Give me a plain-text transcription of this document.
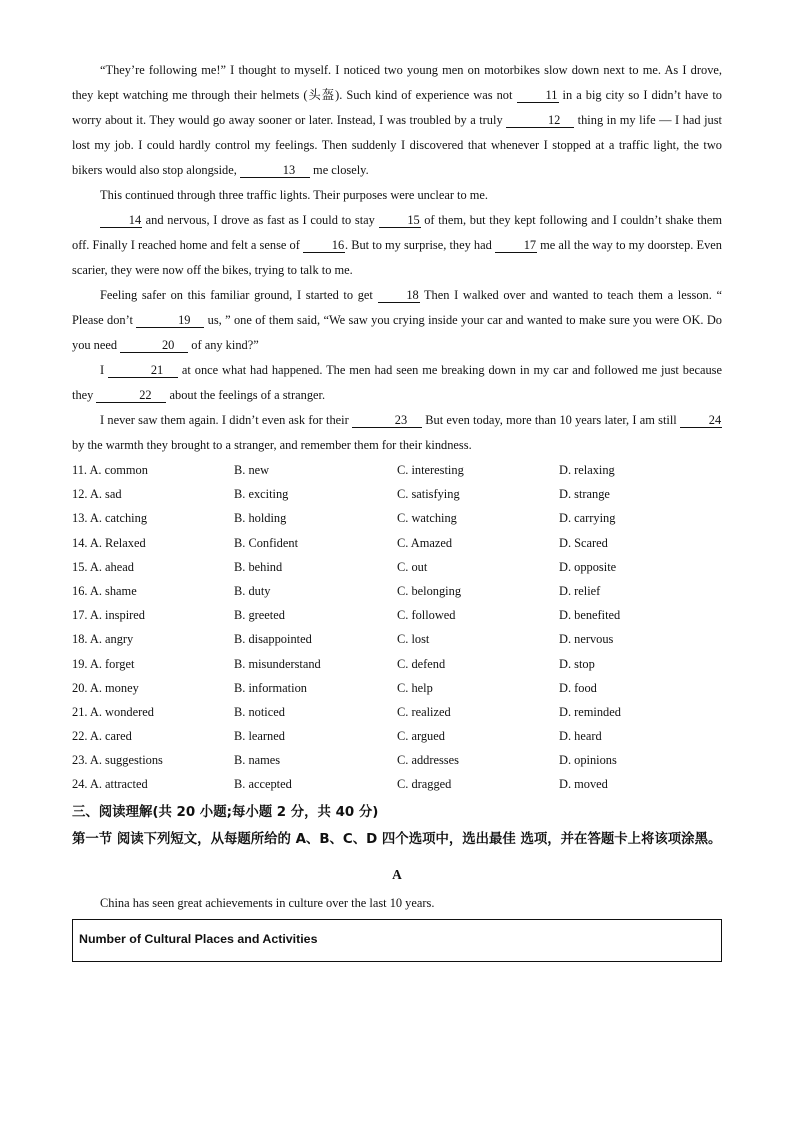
“They’re following me!” I thought to myself. I noticed two young men on motorbikes slow down next to me. As I drove, they kept watching me through their helmets (头盔). Such kind of experience was not 11 in a big city so I didn’t have to worry about it. They would go away sooner or later. Instead, I was troubled by a truly	12 thing in my life — I had just lost my job. I could hardly control my feelings. Then suddenly I discovered that whenever I stopped at a traffic light, the two bikers would also stop alongside,	13 me closely.

This continued through three traffic lights. Their purposes were unclear to me.

14 and nervous, I drove as fast as I could to stay 15 of them, but they kept following and I couldn’t shake them off. Finally I reached home and felt a sense of 16. But to my surprise, they had 17 me all the way to my doorstep. Even scarier, they were now off the bikes, trying to talk to me.

Feeling safer on this familiar ground, I started to get 18 Then I walked over and wanted to teach them a lesson. “ Please don’t	19 us, ” one of them said, “We saw you crying inside your car and wanted to make sure you were OK. Do you need	20 of any kind?”

I	21 at once what had happened. The men had seen me breaking down in my car and followed me just because they	22 about the feelings of a stranger.

I never saw them again. I didn’t even ask for their	23 But even today, more than 10 years later, I am still 24 by the warmth they brought to a stranger, and remember them for their kindness.

11. A. common	B. new	C. interesting	D. relaxing
12. A. sad	B. exciting	C. satisfying	D. strange
13. A. catching	B. holding	C. watching	D. carrying
14. A. Relaxed	B. Confident	C. Amazed	D. Scared
15. A. ahead	B. behind	C. out	D. opposite
16. A. shame	B. duty	C. belonging	D. relief
17. A. inspired	B. greeted	C. followed	D. benefited
18. A. angry	B. disappointed	C. lost	D. nervous
19. A. forget	B. misunderstand	C. defend	D. stop
20. A. money	B. information	C. help	D. food
21. A. wondered	B. noticed	C. realized	D. reminded
22. A. cared	B. learned	C. argued	D. heard
23. A. suggestions	B. names	C. addresses	D. opinions
24. A. attracted	B. accepted	C. dragged	D. moved
三、阅读理解(共 20 小题;每小题 2 分，共 40 分)
第一节 阅读下列短文，从每题所给的 A、B、C、D 四个选项中，选出最佳 选项，并在答题卡上将该项涂黑。
A
China has seen great achievements in culture over the last 10 years.
Number of Cultural Places and Activities
